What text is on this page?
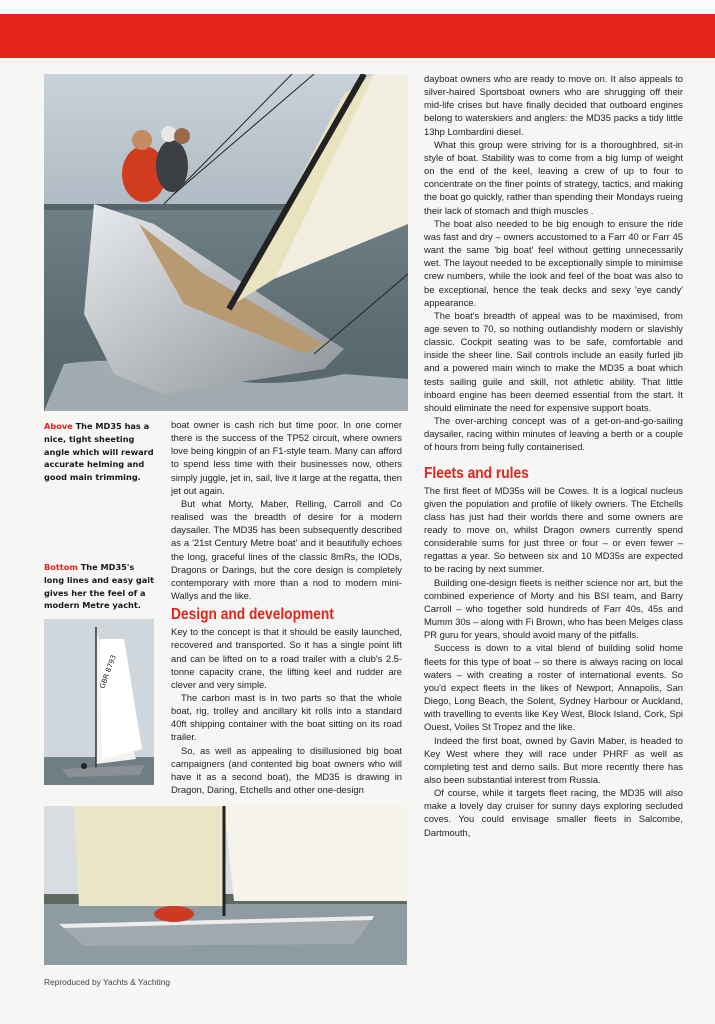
Above The MD35 has a nice, tight sheeting angle which will reward accurate helming and good main trimming.
Bottom The MD35's long lines and easy gait gives her the feel of a modern Metre yacht.
GBR 8793

boat owner is cash rich but time poor. In one corner there is the success of the TP52 circuit, where owners love being kingpin of an F1-style team. Many can afford to spend less time with their businesses now, others simply juggle, jet in, sail, live it large at the regatta, then jet out again.

But what Morty, Maber, Relling, Carroll and Co realised was the breadth of desire for a modern daysailer. The MD35 has been subsequently described as a '21st Century Metre boat' and it beautifully echoes the long, graceful lines of the classic 8mRs, the IODs, Dragons or Darings, but the core design is completely contemporary with more than a nod to modern mini-Wallys and the like.

Design and development

Key to the concept is that it should be easily launched, recovered and transported. So it has a single point lift and can be lifted on to a road trailer with a club's 2.5-tonne capacity crane, the lifting keel and rudder are clever and very simple.

The carbon mast is in two parts so that the whole boat, rig, trolley and ancillary kit rolls into a standard 40ft shipping container with the boat sitting on its road trailer.

So, as well as appealing to disillusioned big boat campaigners (and contented big boat owners who will have it as a second boat), the MD35 is drawing in Dragon, Daring, Etchells and other one-design

dayboat owners who are ready to move on. It also appeals to silver-haired Sportsboat owners who are shrugging off their mid-life crises but have finally decided that outboard engines belong to waterskiers and anglers: the MD35 packs a tidy little 13hp Lombardini diesel.

What this group were striving for is a thoroughbred, sit-in style of boat. Stability was to come from a big lump of weight on the end of the keel, leaving a crew of up to four to concentrate on the finer points of strategy, tactics, and making the boat go quickly, rather than spending their Mondays rueing their lack of stomach and thigh muscles .

The boat also needed to be big enough to ensure the ride was fast and dry – owners accustomed to a Farr 40 or Farr 45 want the same 'big boat' feel without getting unnecessarily wet. The layout needed to be exceptionally simple to minimise crew numbers, while the look and feel of the boat was also to be exceptional, hence the teak decks and sexy 'eye candy' appearance.

The boat's breadth of appeal was to be maximised, from age seven to 70, so nothing outlandishly modern or slavishly classic. Cockpit seating was to be safe, comfortable and inside the sheer line. Sail controls include an easily furled jib and a powered main winch to make the MD35 a boat which tests sailing guile and skill, not athletic ability. That little inboard engine has been deemed essential from the start. It should eliminate the need for expensive support boats.

The over-arching concept was of a get-on-and-go-sailing daysailer, racing within minutes of leaving a berth or a couple of hours from being fully containerised.

Fleets and rules

The first fleet of MD35s will be Cowes. It is a logical nucleus given the population and profile of likely owners. The Etchells class has just had their worlds there and some owners are ready to move on, whilst Dragon owners currently spend considerable sums for just three or four – or even fewer – regattas a year. So between six and 10 MD35s are expected to be racing by next summer.

Building one-design fleets is neither science nor art, but the combined experience of Morty and his BSI team, and Barry Carroll – who together sold hundreds of Farr 40s, 45s and Mumm 30s – along with Fi Brown, who has been Melges class PR guru for years, should avoid many of the pitfalls.

Success is down to a vital blend of building solid home fleets for this type of boat – so there is always racing on local waters – with creating a roster of international events. So you'd expect fleets in the likes of Newport, Annapolis, San Diego, Long Beach, the Solent, Sydney Harbour or Auckland, with travelling to events like Key West, Block Island, Cork, Spi Ouest, Voiles St Tropez and the like.

Indeed the first boat, owned by Gavin Maber, is headed to Key West where they will race under PHRF as well as completing test and demo sails. But more recently there has also been substantial interest from Russia.

Of course, while it targets fleet racing, the MD35 will also make a lovely day cruiser for sunny days exploring secluded coves. You could envisage smaller fleets in Salcombe, Dartmouth,

Reproduced by Yachts & Yachting
